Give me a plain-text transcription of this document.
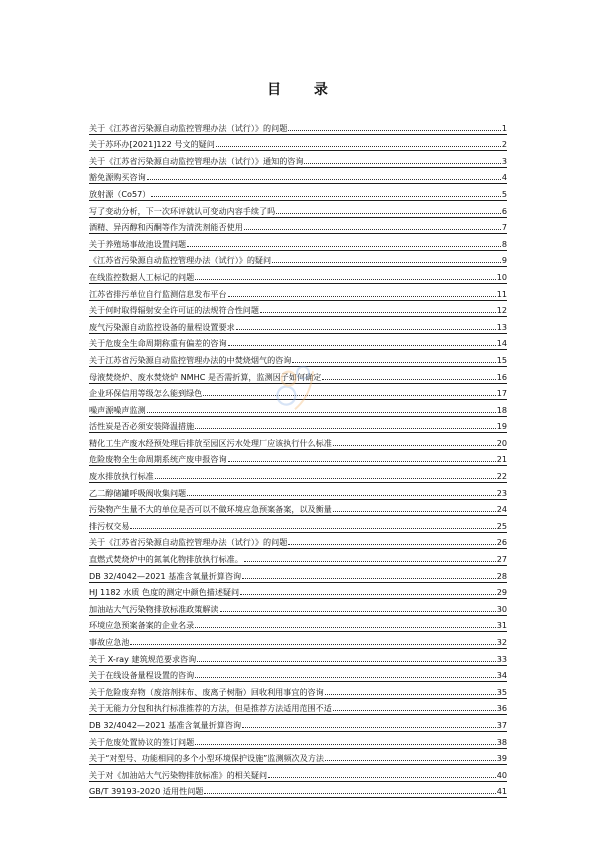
目 录
关于《江苏省污染源自动监控管理办法（试行）》的问题	1
关于苏环办[2021]122 号文的疑问	2
关于《江苏省污染源自动监控管理办法（试行）》通知的咨询	3
豁免源购买咨询	4
放射源（Co57）	5
写了变动分析，下一次环评就认可变动内容手续了吗	6
酒精、异丙醇和丙酮等作为清洗剂能否使用	7
关于养殖场事故池设置问题	8
《江苏省污染源自动监控管理办法（试行）》的疑问	9
在线监控数据人工标记的问题	10
江苏省排污单位自行监测信息发布平台	11
关于何时取得辐射安全许可证的法规符合性问题	12
废气污染源自动监控设备的量程设置要求	13
关于危废全生命周期称重有偏差的咨询	14
关于江苏省污染源自动监控管理办法的中焚烧烟气的咨询	15
母液焚烧炉、废水焚烧炉 NMHC 是否需折算，监测因子如何确定	16
企业环保信用等级怎么能到绿色	17
噪声源噪声监测	18
活性炭是否必须安装降温措施	19
精化工生产废水经预处理后排放至园区污水处理厂应该执行什么标准	20
危险废物全生命周期系统产废申报咨询	21
废水排放执行标准	22
乙二醇储罐呼吸阀收集问题	23
污染物产生量不大的单位是否可以不做环境应急预案备案，以及衡量	24
排污权交易	25
关于《江苏省污染源自动监控管理办法（试行）》的问题	26
直燃式焚烧炉中的氮氧化物排放执行标准。	27
DB 32/4042—2021 基准含氧量折算咨询	28
HJ 1182 水质 色度的测定中颜色描述疑问	29
加油站大气污染物排放标准政策解读	30
环境应急预案备案的企业名录	31
事故应急池	32
关于 X-ray 建筑规范要求咨询	33
关于在线设备量程设置的咨询	34
关于危险废弃物（废溶剂抹布、废离子树脂）回收利用事宜的咨询	35
关于无能力分包和执行标准推荐的方法，但是推荐方法适用范围不适	36
DB 32/4042—2021 基准含氧量折算咨询	37
关于危废处置协议的签订问题	38
关于“对型号、功能相同的多个小型环境保护设施”监测频次及方法	39
关于对《加油站大气污染物排放标准》的相关疑问	40
GB/T 39193-2020 适用性问题	41
